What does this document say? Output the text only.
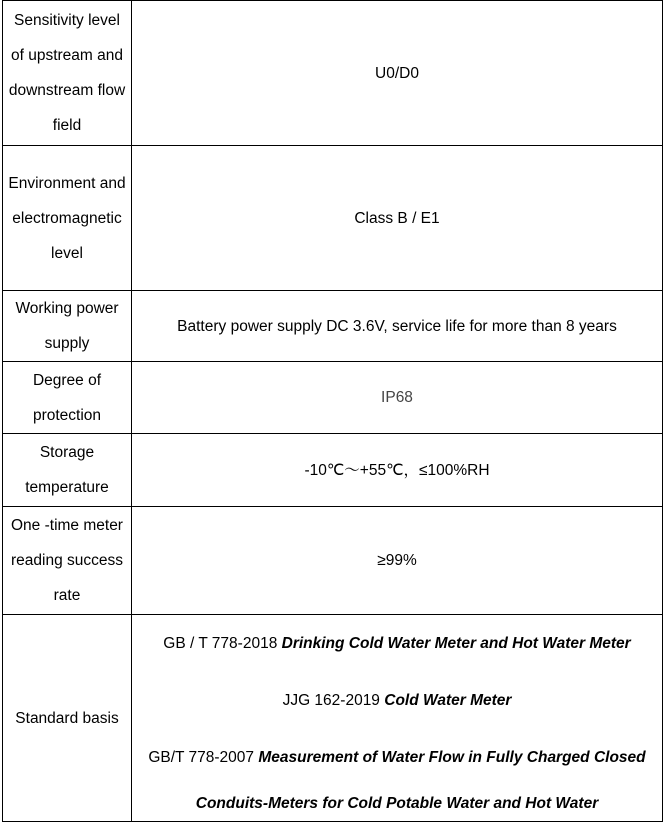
Sensitivity level of upstream and downstream flow field	U0/D0
Environment and electromagnetic level	Class B / E1
Working power supply	Battery power supply DC 3.6V, service life for more than 8 years
Degree of protection	IP68
Storage temperature	-10℃～+55℃，≤100%RH
One -time meter reading success rate	≥99%
Standard basis	GB / T 778-2018 Drinking Cold Water Meter and Hot Water Meter
JJG 162-2019 Cold Water Meter
GB/T 778-2007 Measurement of Water Flow in Fully Charged Closed
Conduits-Meters for Cold Potable Water and Hot Water
